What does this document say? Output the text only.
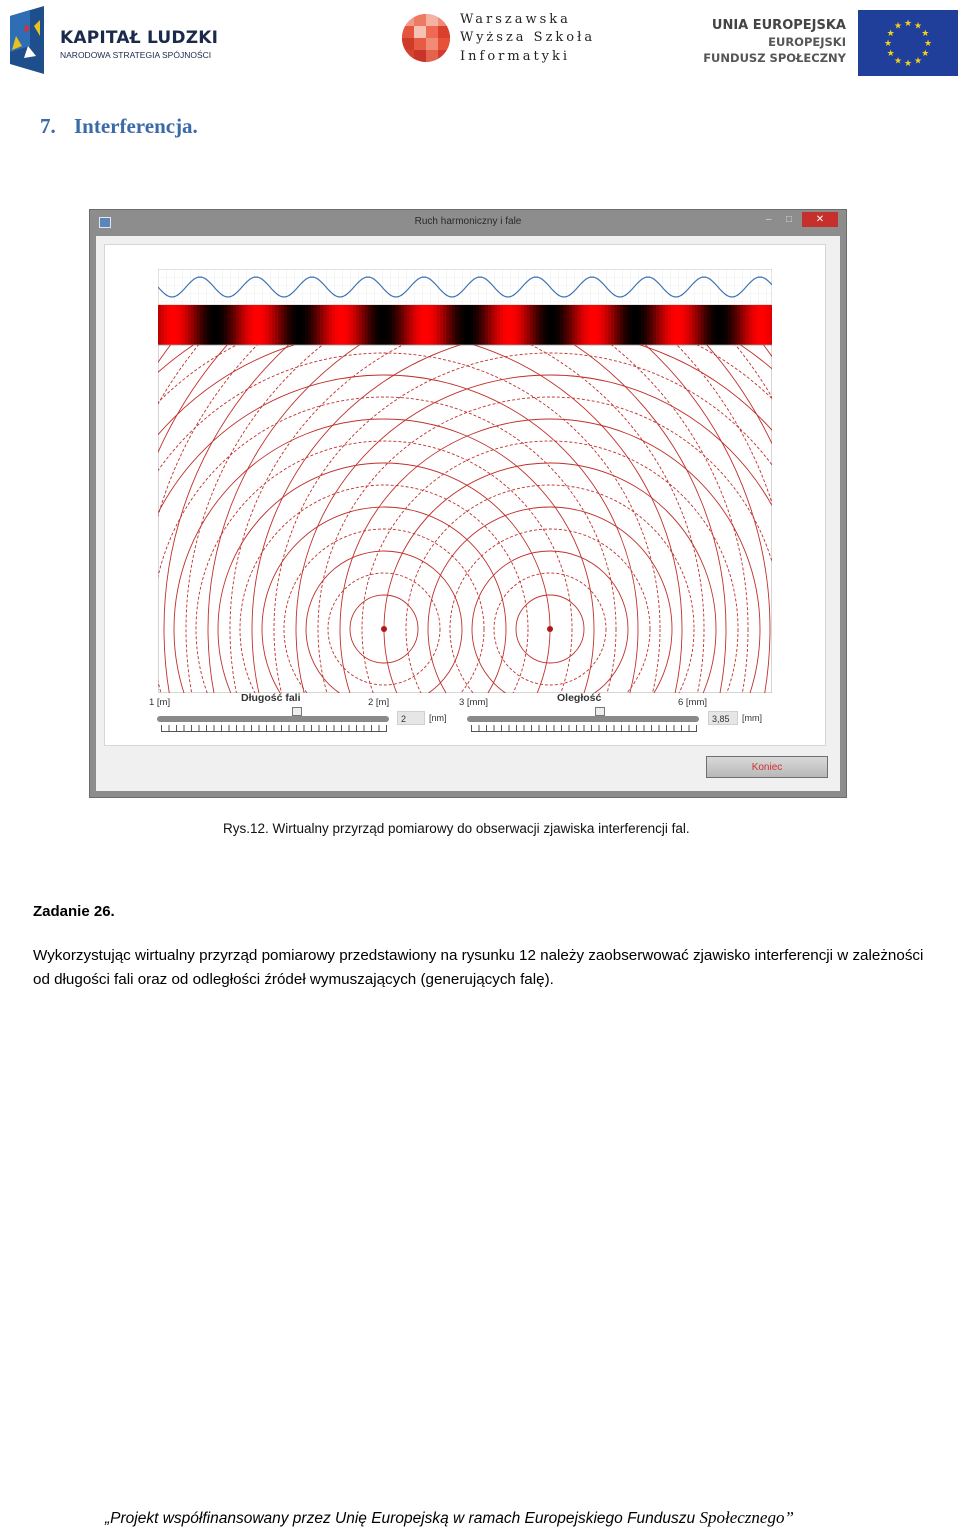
KAPITAŁ LUDZKI
NARODOWA STRATEGIA SPÓJNOŚCI
Warszawska
Wyższa Szkoła
Informatyki
UNIA EUROPEJSKA
EUROPEJSKI
FUNDUSZ SPOŁECZNY
★
★
★
★
★
★
★
★
★ ★ ★
★
7. Interferencja.
Ruch harmoniczny i fale	–	□	✕
1 [m]	Długość fali	2 [m]
2	[nm]
3 [mm]	Oległość	6 [mm]
3,85	[mm]
Koniec
Rys.12. Wirtualny przyrząd pomiarowy do obserwacji zjawiska interferencji fal.
Zadanie 26.
Wykorzystując wirtualny przyrząd pomiarowy przedstawiony na rysunku 12 należy zaobserwować zjawisko interferencji w zależności od długości fali oraz od odległości źródeł wymuszających (generujących falę).
„Projekt współfinansowany przez Unię Europejską w ramach Europejskiego Funduszu Społecznego”
